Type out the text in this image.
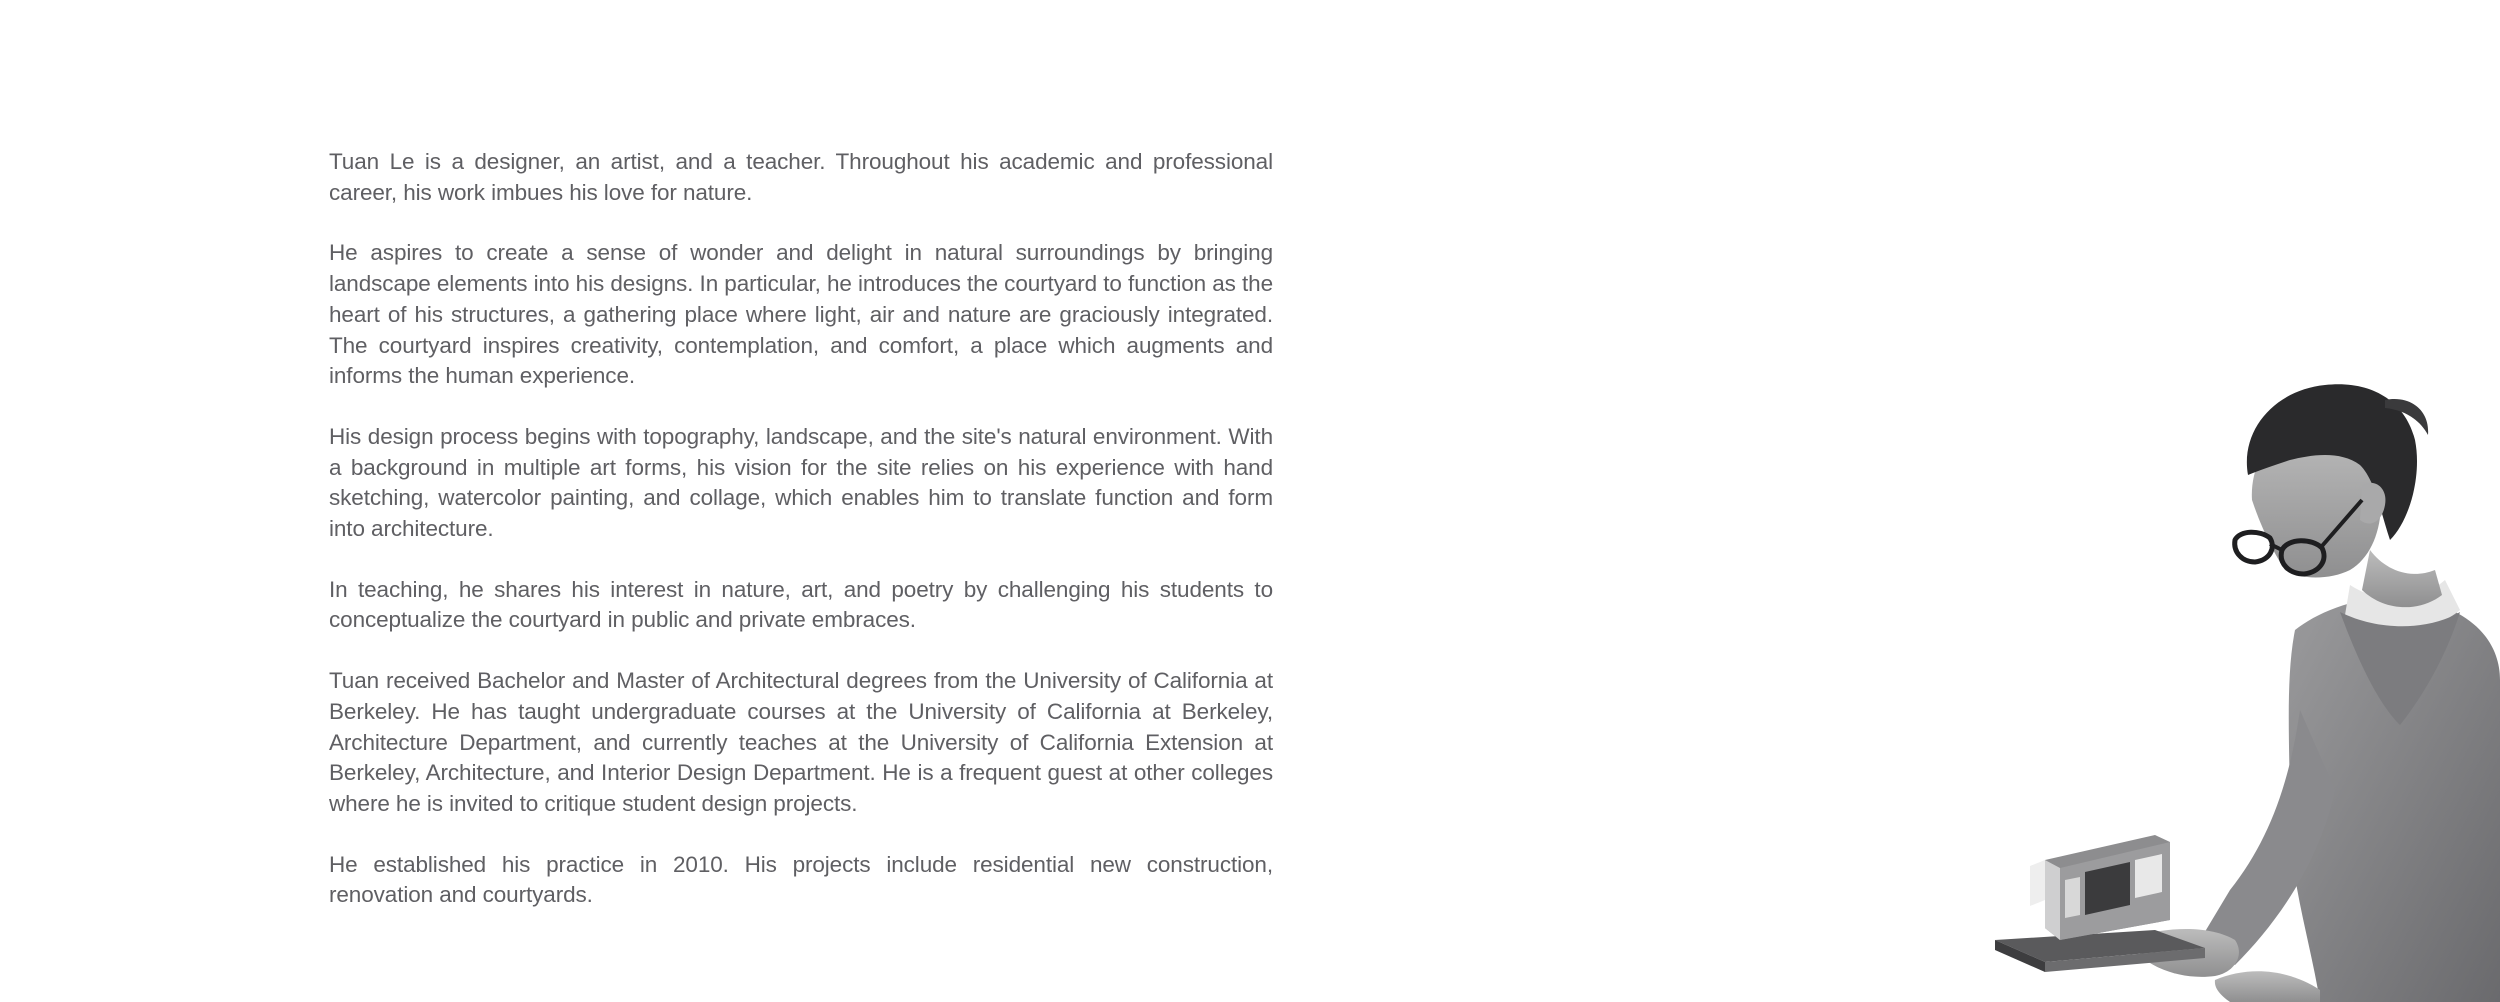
Tuan Le is a designer, an artist, and a teacher. Throughout his academic and professional career, his work imbues his love for nature.

He aspires to create a sense of wonder and delight in natural surroundings by bringing landscape elements into his designs. In particular, he introduces the courtyard to function as the heart of his structures, a gathering place where light, air and nature are graciously integrated. The courtyard inspires creativity, contemplation, and comfort, a place which augments and informs the human experience.

His design process begins with topography, landscape, and the site's natural environment. With a background in multiple art forms, his vision for the site relies on his experience with hand sketching, watercolor painting, and collage, which enables him to translate function and form into architecture.

In teaching, he shares his interest in nature, art, and poetry by challenging his students to conceptualize the courtyard in public and private embraces.

Tuan received Bachelor and Master of Architectural degrees from the University of California at Berkeley. He has taught undergraduate courses at the University of California at Berkeley, Architecture Department, and currently teaches at the University of California Extension at Berkeley, Architecture, and Interior Design Department. He is a frequent guest at other colleges where he is invited to critique student design projects.

He established his practice in 2010. His projects include residential new construction, renovation and courtyards.
